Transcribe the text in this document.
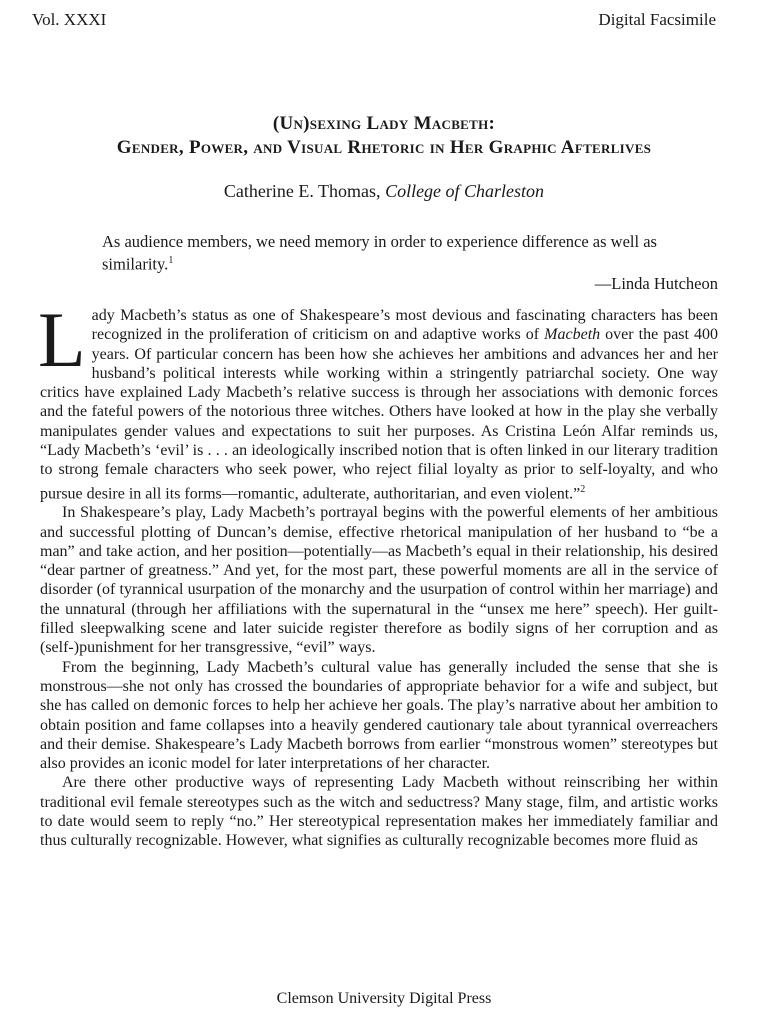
Vol. XXXI	Digital Facsimile
(Un)sexing Lady Macbeth:
Gender, Power, and Visual Rhetoric in Her Graphic Afterlives
Catherine E. Thomas, College of Charleston
As audience members, we need memory in order to experience difference as well as similarity.$^1$
—Linda Hutcheon

Lady Macbeth’s status as one of Shakespeare’s most devious and fascinating characters has been recognized in the proliferation of criticism on and adaptive works of Macbeth over the past 400 years. Of particular concern has been how she achieves her ambitions and advances her and her husband’s political interests while working within a stringently patriarchal society. One way critics have explained Lady Macbeth’s relative success is through her associations with demonic forces and the fateful powers of the notorious three witches. Others have looked at how in the play she verbally manipulates gender values and expectations to suit her purposes. As Cristina León Alfar reminds us, “Lady Macbeth’s ‘evil’ is . . . an ideologically inscribed notion that is often linked in our literary tradition to strong female characters who seek power, who reject filial loyalty as prior to self-loyalty, and who pursue desire in all its forms—romantic, adulterate, authoritarian, and even violent.”$^2$

In Shakespeare’s play, Lady Macbeth’s portrayal begins with the powerful elements of her ambitious and successful plotting of Duncan’s demise, effective rhetorical manipulation of her husband to “be a man” and take action, and her position—potentially—as Macbeth’s equal in their relationship, his desired “dear partner of greatness.” And yet, for the most part, these powerful moments are all in the service of disorder (of tyrannical usurpation of the monarchy and the usurpation of control within her marriage) and the unnatural (through her affiliations with the supernatural in the “unsex me here” speech). Her guilt-filled sleepwalking scene and later suicide register therefore as bodily signs of her corruption and as (self-)punishment for her transgressive, “evil” ways.

From the beginning, Lady Macbeth’s cultural value has generally included the sense that she is monstrous—she not only has crossed the boundaries of appropriate behavior for a wife and subject, but she has called on demonic forces to help her achieve her goals. The play’s narrative about her ambition to obtain position and fame collapses into a heavily gendered cautionary tale about tyrannical overreachers and their demise. Shakespeare’s Lady Macbeth borrows from earlier “monstrous women” stereotypes but also provides an iconic model for later interpretations of her character.

Are there other productive ways of representing Lady Macbeth without reinscribing her within traditional evil female stereotypes such as the witch and seductress? Many stage, film, and artistic works to date would seem to reply “no.” Her stereotypical representation makes her immediately familiar and thus culturally recognizable. However, what signifies as culturally recognizable becomes more fluid as

Clemson University Digital Press
